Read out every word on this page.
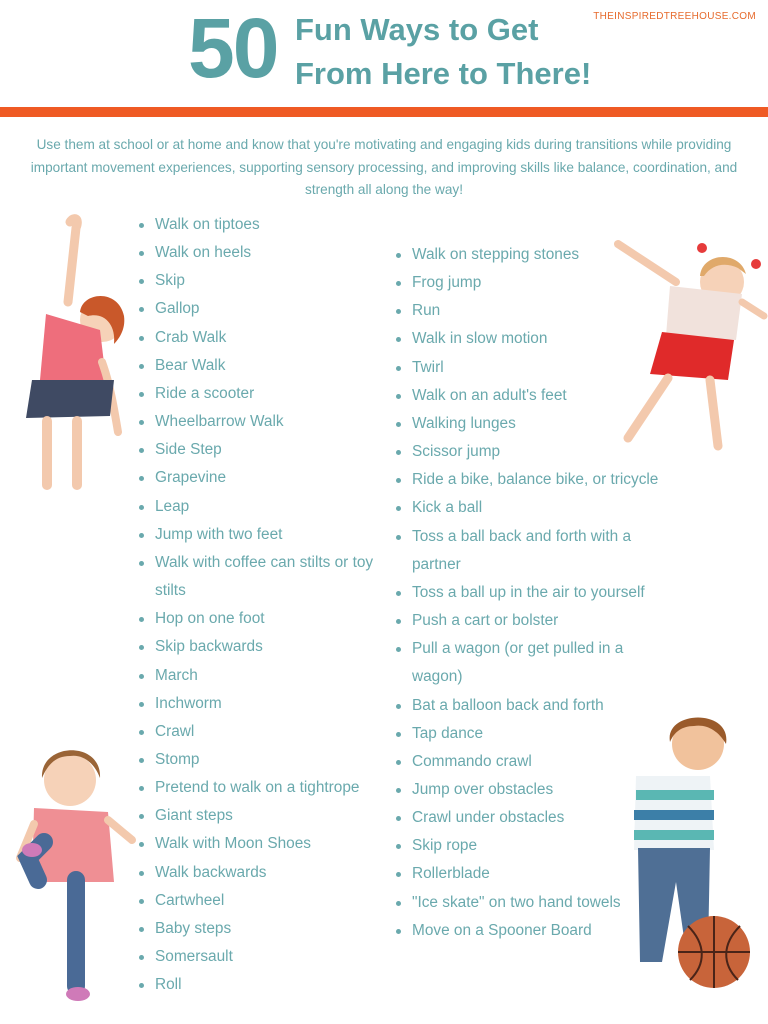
50 Fun Ways to Get
From Here to There!
THEINSPIREDTREEHOUSE.COM
Use them at school or at home and know that you're motivating and engaging kids during transitions while providing important movement experiences, supporting sensory processing, and improving skills like balance, coordination, and strength all along the way!
Walk on tiptoes
Walk on heels
Skip
Gallop
Crab Walk
Bear Walk
Ride a scooter
Wheelbarrow Walk
Side Step
Grapevine
Leap
Jump with two feet
Walk with coffee can stilts or toy
stilts
Hop on one foot
Skip backwards
March
Inchworm
Crawl
Stomp
Pretend to walk on a tightrope
Giant steps
Walk with Moon Shoes
Walk backwards
Cartwheel
Baby steps
Somersault
Roll
Walk on stepping stones
Frog jump
Run
Walk in slow motion
Twirl
Walk on an adult's feet
Walking lunges
Scissor jump
Ride a bike, balance bike, or tricycle
Kick a ball
Toss a ball back and forth with a
partner
Toss a ball up in the air to yourself
Push a cart or bolster
Pull a wagon (or get pulled in a
wagon)
Bat a balloon back and forth
Tap dance
Commando crawl
Jump over obstacles
Crawl under obstacles
Skip rope
Rollerblade
"Ice skate" on two hand towels
Move on a Spooner Board
